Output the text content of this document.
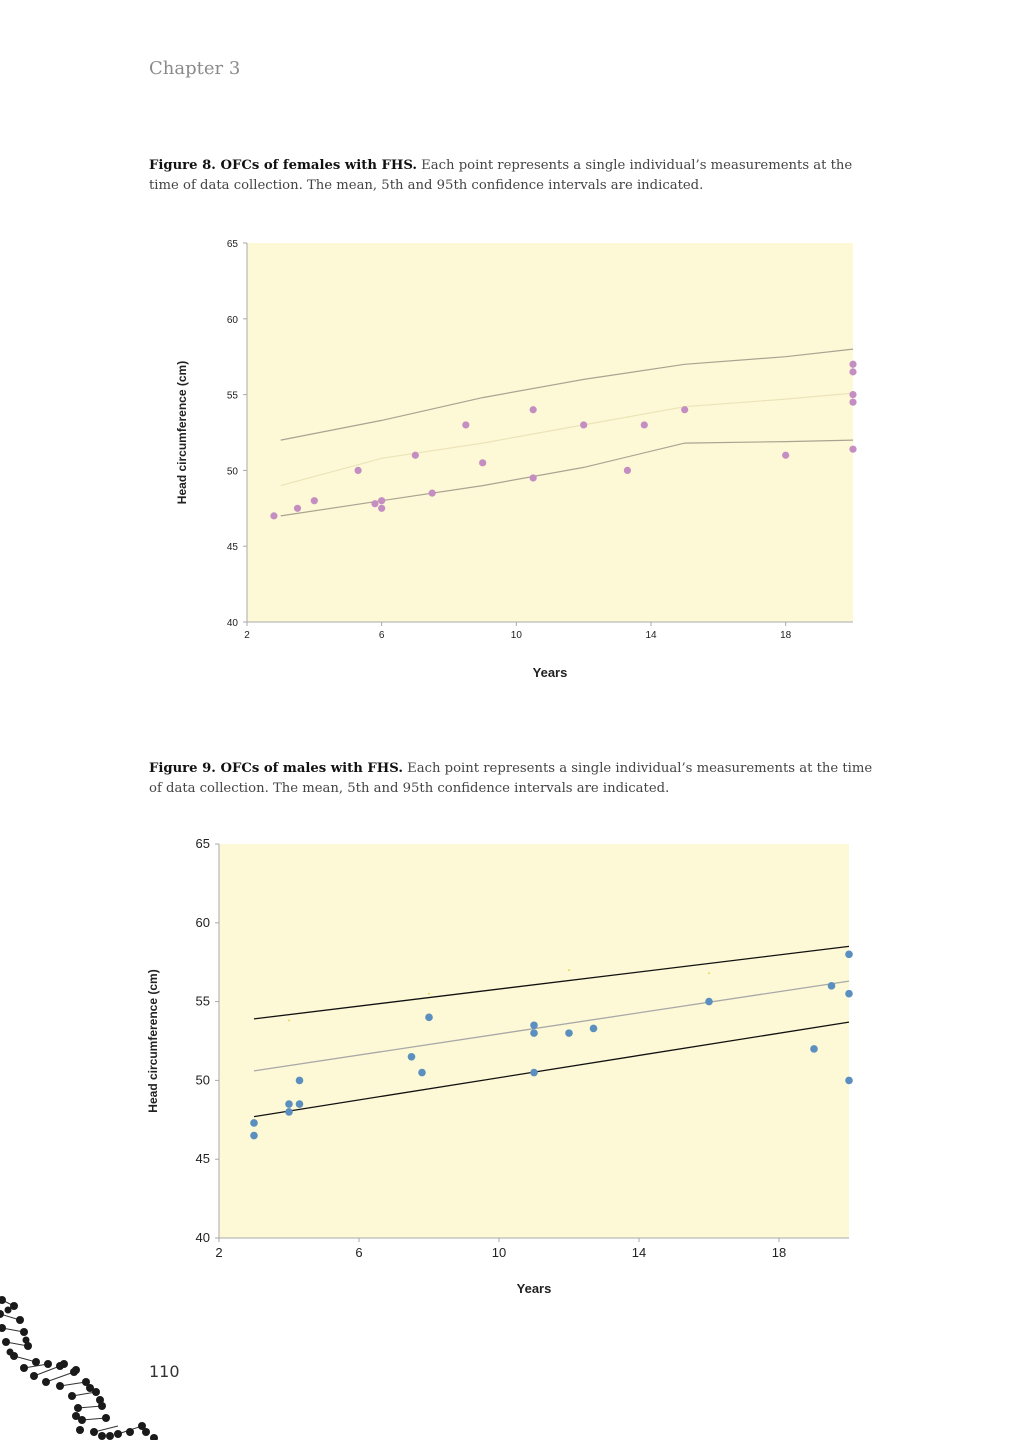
Chapter 3
Figure 8. OFCs of females with FHS. Each point represents a single individual’s measurements at the time of data collection. The mean, 5th and 95th confidence intervals are indicated.
40
45
50
55
60
65
2	6	10	14	18
Years
Head circumference (cm)
Figure 9. OFCs of males with FHS. Each point represents a single individual’s measurements at the time of data collection. The mean, 5th and 95th confidence intervals are indicated.
40
45
50
55
60
65
2	6	10	14	18
Years
Head circumference (cm)
110
